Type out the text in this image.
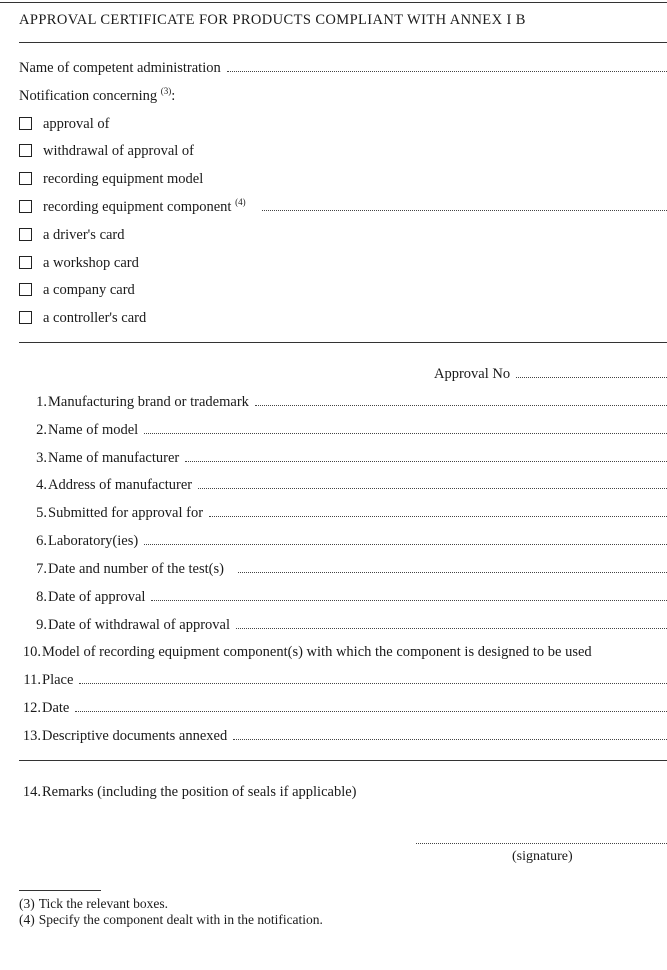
APPROVAL CERTIFICATE FOR PRODUCTS COMPLIANT WITH ANNEX I B
Name of competent administration
Notification concerning $^{(3)}$:
approval of
withdrawal of approval of
recording equipment model
recording equipment component $^{(4)}$
a driver's card
a workshop card
a company card
a controller's card
Approval No
1. Manufacturing brand or trademark
2. Name of model
3. Name of manufacturer
4. Address of manufacturer
5. Submitted for approval for
6. Laboratory(ies)
7. Date and number of the test(s)
8. Date of approval
9. Date of withdrawal of approval
10. Model of recording equipment component(s) with which the component is designed to be used
11. Place
12. Date
13. Descriptive documents annexed
14. Remarks (including the position of seals if applicable)
(signature)
(3) Tick the relevant boxes.
(4) Specify the component dealt with in the notification.
